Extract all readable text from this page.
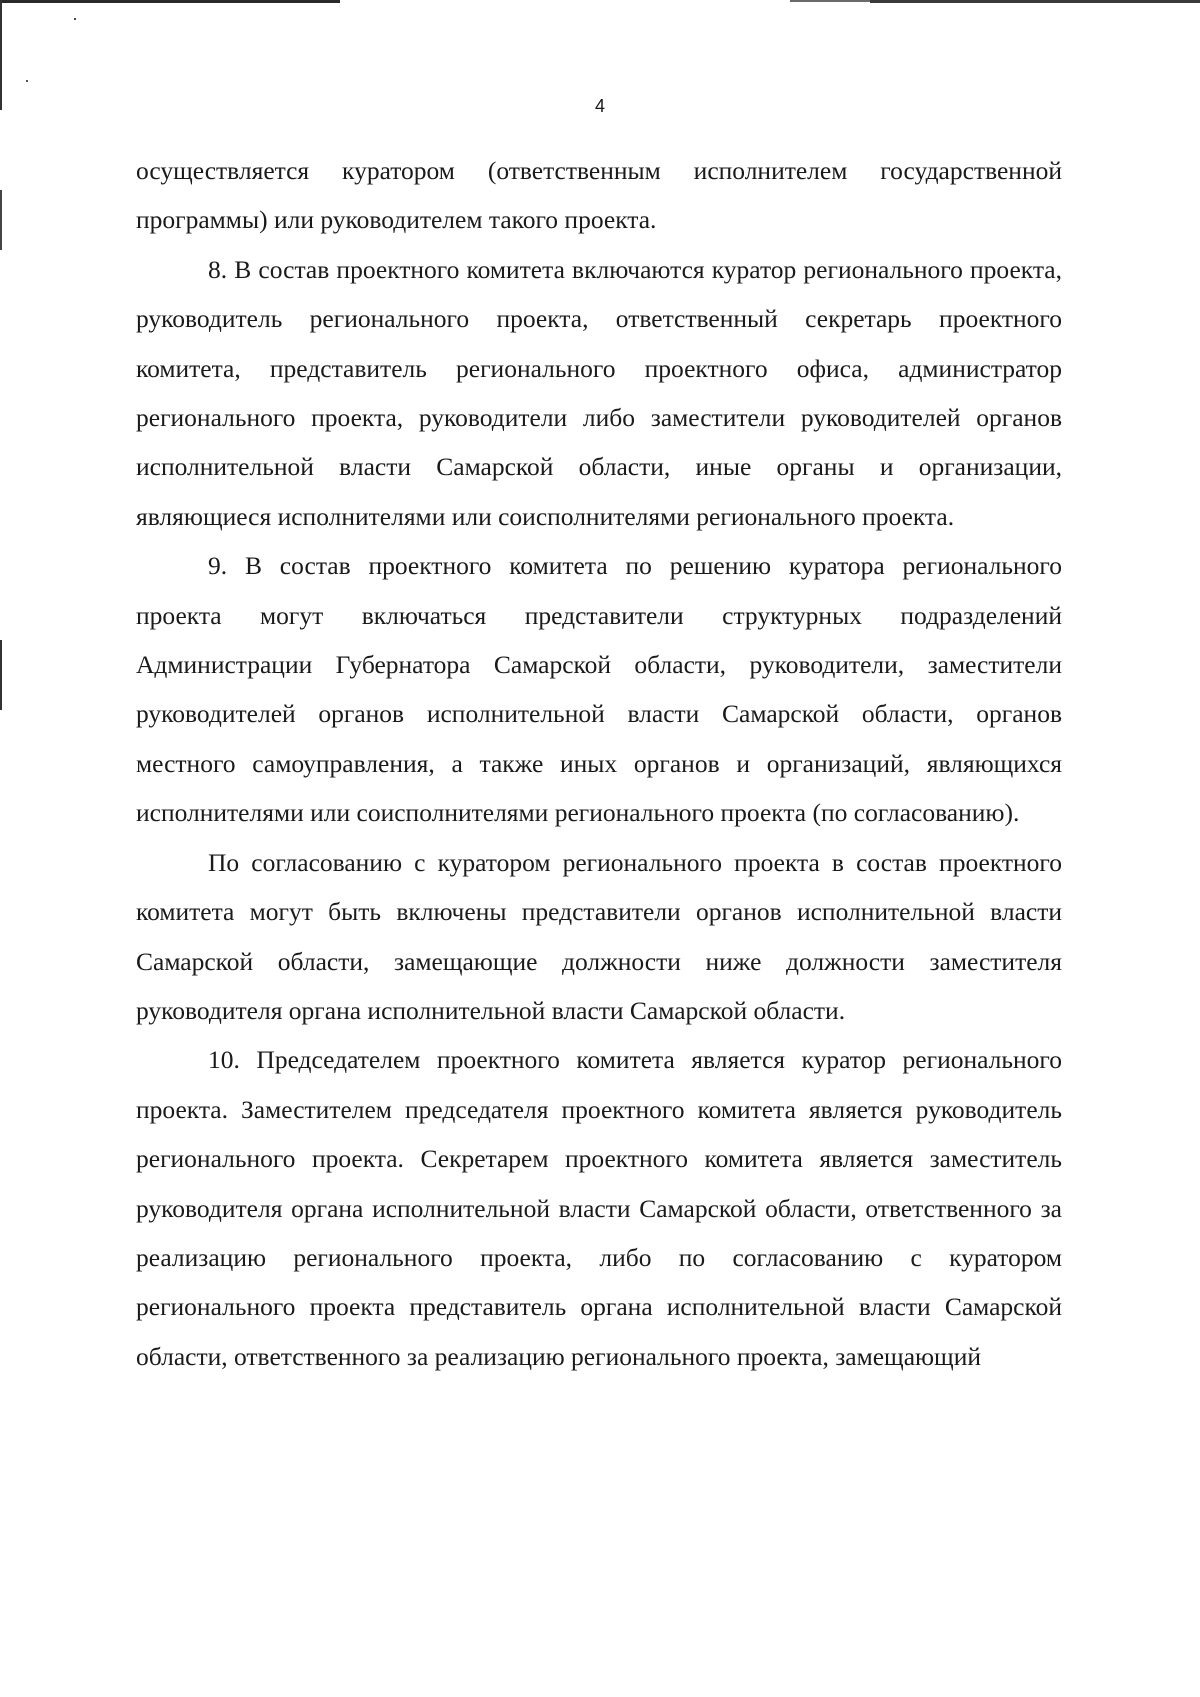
4

осуществляется куратором (ответственным исполнителем государственной программы) или руководителем такого проекта.

8. В состав проектного комитета включаются куратор регионального проекта, руководитель регионального проекта, ответственный секретарь проектного комитета, представитель регионального проектного офиса, администратор регионального проекта, руководители либо заместители руководителей органов исполнительной власти Самарской области, иные органы и организации, являющиеся исполнителями или соисполнителями регионального проекта.

9. В состав проектного комитета по решению куратора регионального проекта могут включаться представители структурных подразделений Администрации Губернатора Самарской области, руководители, заместители руководителей органов исполнительной власти Самарской области, органов местного самоуправления, а также иных органов и организаций, являющихся исполнителями или соисполнителями регионального проекта (по согласованию).

По согласованию с куратором регионального проекта в состав проектного комитета могут быть включены представители органов исполнительной власти Самарской области, замещающие должности ниже должности заместителя руководителя органа исполнительной власти Самарской области.

10. Председателем проектного комитета является куратор регионального проекта. Заместителем председателя проектного комитета является руководитель регионального проекта. Секретарем проектного комитета является заместитель руководителя органа исполнительной власти Самарской области, ответственного за реализацию регионального проекта, либо по согласованию с куратором регионального проекта представитель органа исполнительной власти Самарской области, ответственного за реализацию регионального проекта, замещающий
